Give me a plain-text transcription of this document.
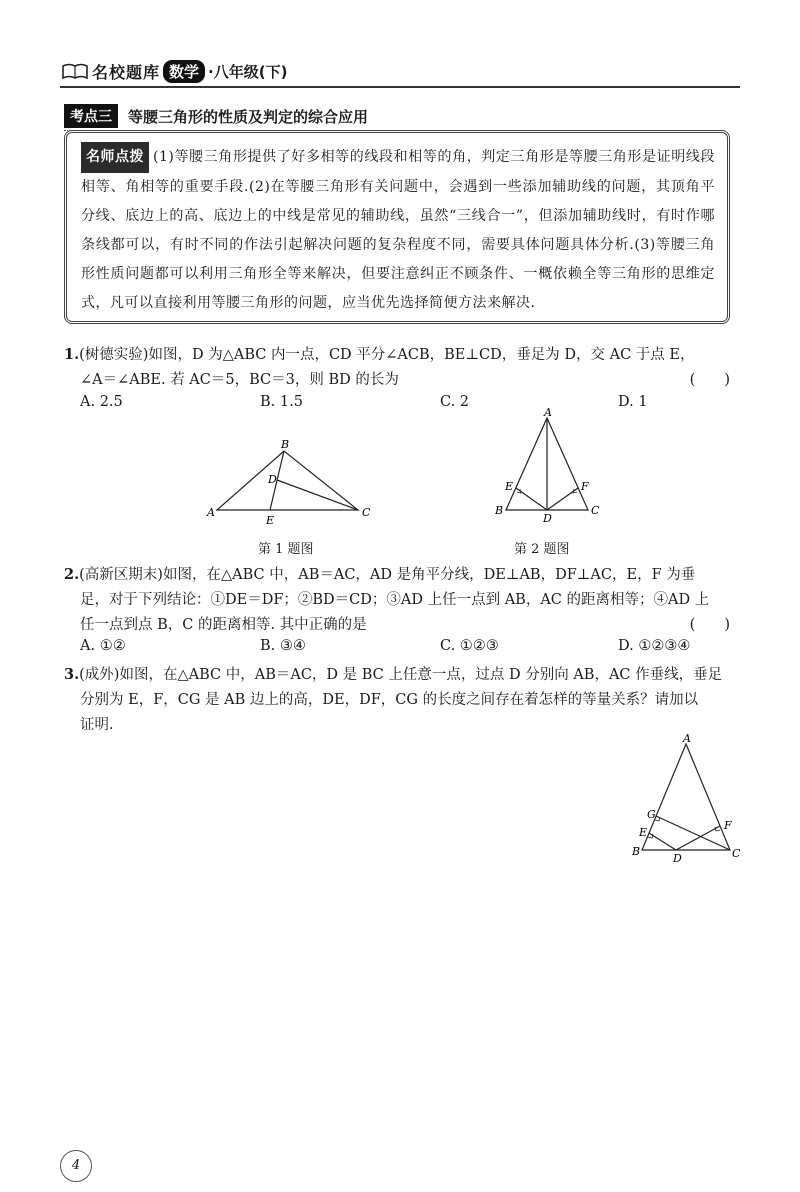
名校题库 数学 ·八年级(下)
考点三	等腰三角形的性质及判定的综合应用
名师点拨 (1)等腰三角形提供了好多相等的线段和相等的角，判定三角形是等腰三角形是证明线段相等、角相等的重要手段.(2)在等腰三角形有关问题中，会遇到一些添加辅助线的问题，其顶角平分线、底边上的高、底边上的中线是常见的辅助线，虽然“三线合一”，但添加辅助线时，有时作哪条线都可以，有时不同的作法引起解决问题的复杂程度不同，需要具体问题具体分析.(3)等腰三角形性质问题都可以利用三角形全等来解决，但要注意纠正不顾条件、一概依赖全等三角形的思维定式，凡可以直接利用等腰三角形的问题，应当优先选择简便方法来解决.
1.(树德实验)如图，D 为△ABC 内一点，CD 平分∠ACB，BE⊥CD，垂足为 D，交 AC 于点 E，
∠A＝∠ABE. 若 AC＝5，BC＝3，则 BD 的长为	(　　)
A. 2.5	B. 1.5	C. 2	D. 1
A
B
C
D
E
第 1 题图
A
B	C
D
E	F
第 2 题图
2.(高新区期末)如图，在△ABC 中，AB＝AC，AD 是角平分线，DE⊥AB，DF⊥AC，E，F 为垂
足，对于下列结论：①DE＝DF；②BD＝CD；③AD 上任一点到 AB，AC 的距离相等；④AD 上
任一点到点 B，C 的距离相等. 其中正确的是	(　　)
A. ①②	B. ③④	C. ①②③	D. ①②③④
3.(成外)如图，在△ABC 中，AB＝AC，D 是 BC 上任意一点，过点 D 分别向 AB，AC 作垂线，垂足
分别为 E，F，CG 是 AB 边上的高，DE，DF，CG 的长度之间存在着怎样的等量关系？请加以
证明.
A
B	C
D
E
F
G
4
